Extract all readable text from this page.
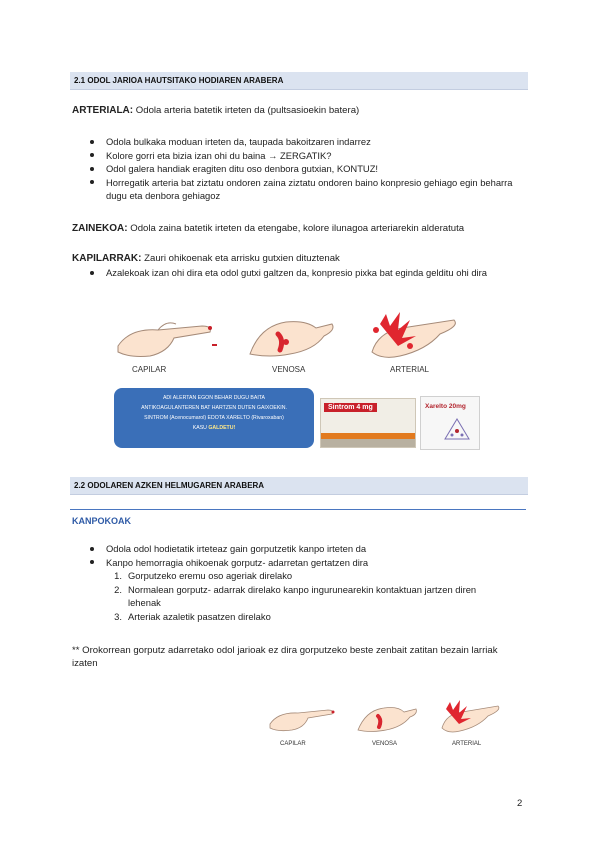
2.1 ODOL JARIOA HAUTSITAKO HODIAREN ARABERA
ARTERIALA: Odola arteria batetik irteten da (pultsasioekin batera)
Odola bulkaka moduan irteten da, taupada bakoitzaren indarrez
Kolore gorri eta bizia izan ohi du baina → ZERGATIK?
Odol galera handiak eragiten ditu oso denbora gutxian, KONTUZ!
Horregatik arteria bat ziztatu ondoren zaina ziztatu ondoren baino konpresio gehiago egin beharra dugu eta denbora gehiagoz
ZAINEKOA: Odola zaina batetik irteten da etengabe, kolore ilunagoa arteriarekin alderatuta
KAPILARRAK: Zauri ohikoenak eta arrisku gutxien dituztenak
Azalekoak izan ohi dira eta odol gutxi galtzen da, konpresio pixka bat eginda gelditu ohi dira
CAPILAR	VENOSA	ARTERIAL
ADI ALERTAN EGON BEHAR DUGU BAITA
ANTIKOAGULANTEREN BAT HARTZEN DUTEN GAIXOEKIN.
SINTROM (Acenocumarol) EDOTA XARELTO (Rivaroxaban)
KASU GALDETU!
Sintrom 4 mg	Xarelto 20mg
2.2 ODOLAREN AZKEN HELMUGAREN ARABERA
KANPOKOAK
Odola odol hodietatik irteteaz gain gorputzetik kanpo irteten da
Kanpo hemorragia ohikoenak gorputz- adarretan gertatzen dira
1. Gorputzeko eremu oso ageriak direlako
2. Normalean gorputz- adarrak direlako kanpo ingurunearekin kontaktuan jartzen diren lehenak
3. Arteriak azaletik pasatzen direlako
** Orokorrean gorputz adarretako odol jarioak ez dira gorputzeko beste zenbait zatitan bezain larriak izaten
CAPILAR	VENOSA	ARTERIAL
2
